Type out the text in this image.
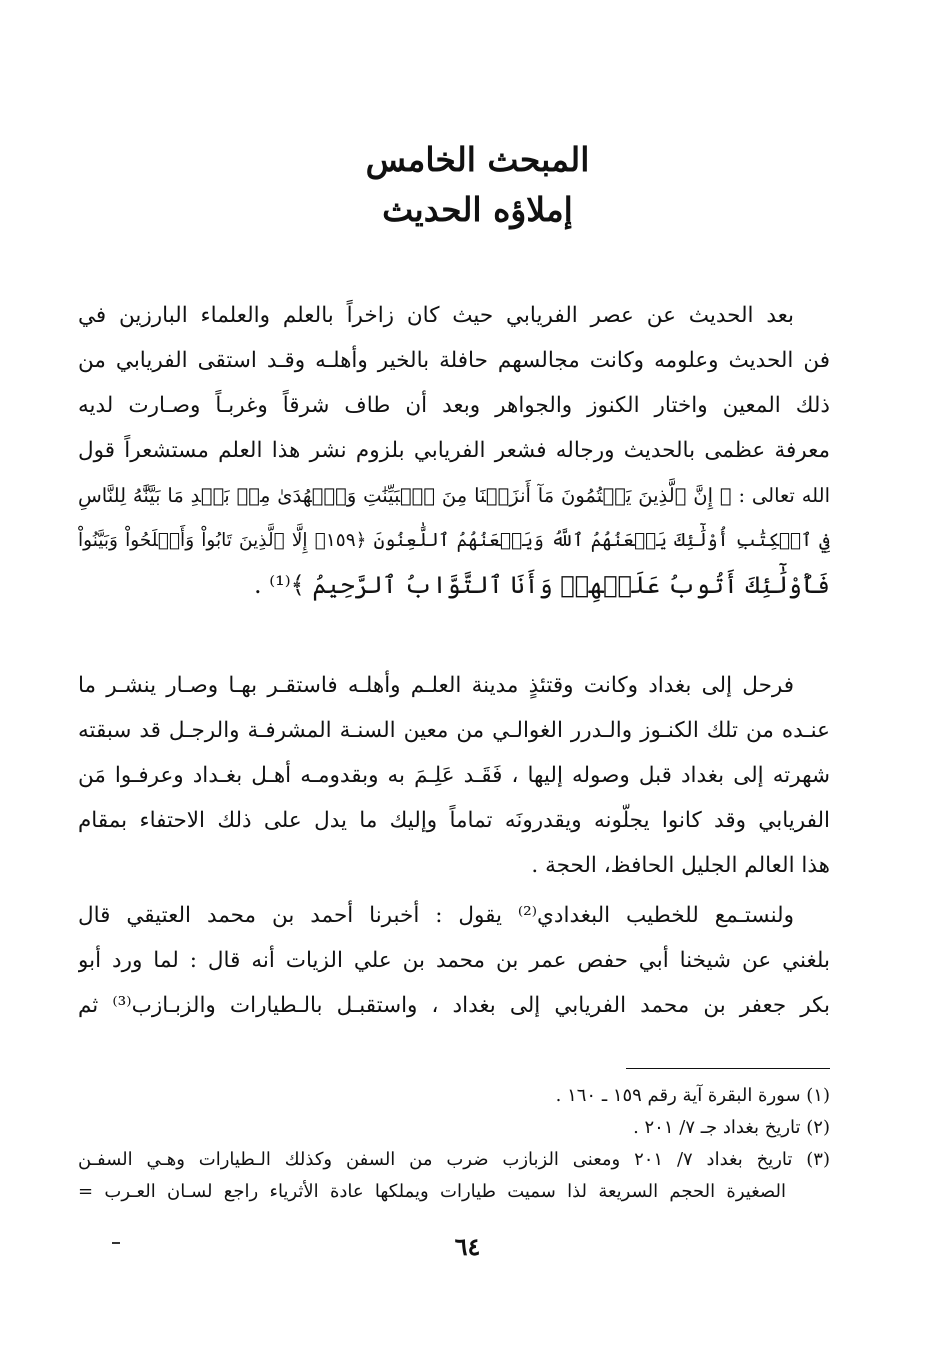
المبحث الخامس
إملاؤه الحديث
بعد الحديث عن عصر الفريابي حيث كان زاخراً بالعلم والعلماء البارزين في
فن الحديث وعلومه وكانت مجالسهم حافلة بالخير وأهلـه وقـد استقى الفريابي من
ذلك المعين واختار الكنوز والجواهر وبعد أن طاف شرقاً وغربـاً وصـارت لديه
معرفة عظمى بالحديث ورجاله فشعر الفريابي بلزوم نشر هذا العلم مستشعراً قول
الله تعالى : ﴿ إِنَّ ٱلَّذِينَ يَكۡتُمُونَ مَآ أَنزَلۡنَا مِنَ ٱلۡبَيِّنَٰتِ وَٱلۡهُدَىٰ مِنۢ بَعۡدِ مَا بَيَّنَّٰهُ لِلنَّاسِ
فِي ٱلۡكِتَٰبِ أُوْلَٰٓئِكَ يَلۡعَنُهُمُ ٱللَّهُ وَيَلۡعَنُهُمُ ٱللَّٰعِنُونَ ﴿١٥٩﴾ إِلَّا ٱلَّذِينَ تَابُواْ وَأَصۡلَحُواْ وَبَيَّنُواْ
فَأُوْلَٰٓئِكَ أَتُوبُ عَلَيۡهِمۡ وَأَنَا ٱلتَّوَّابُ ٱلرَّحِيمُ ﴾⁽¹⁾ .
فرحل إلى بغداد وكانت وقتئذٍ مدينة العلـم وأهلـه فاستقـر بهـا وصـار ينشـر ما
عنـده من تلك الكنـوز والـدرر الغوالـي من معين السنـة المشرفـة والرجـل قد سبقته
شهرته إلى بغداد قبل وصوله إليها ، فَقَـد عَلِـمَ به وبقدومـه أهـل بغـداد وعرفـوا مَن
الفريابي وقد كانوا يجلّونه ويقدرونَه تماماً وإليك ما يدل على ذلك الاحتفاء بمقام
هذا العالم الجليل الحافظ، الحجة .
ولنستـمع للخطيب البغدادي⁽²⁾ يقول : أخبرنا أحمد بن محمد العتيقي قال
بلغني عن شيخنا أبي حفص عمر بن محمد بن علي الزيات أنه قال : لما ورد أبو
بكر جعفر بن محمد الفريابي إلى بغداد ، واستقبـل بالـطيارات والزبـازب⁽³⁾ ثم
(١) سورة البقرة آية رقم ١٥٩ ـ ١٦٠ .
(٢) تاريخ بغداد جـ ٧/ ٢٠١ .
(٣) تاريخ بغداد ٧/ ٢٠١ ومعنى الزبازب ضرب من السفن وكذلك الـطيارات وهـي السفـن
الصغيرة الحجم السريعة لذا سميت طيارات ويملكها عادة الأثرياء راجع لسـان العـرب =
٦٤
